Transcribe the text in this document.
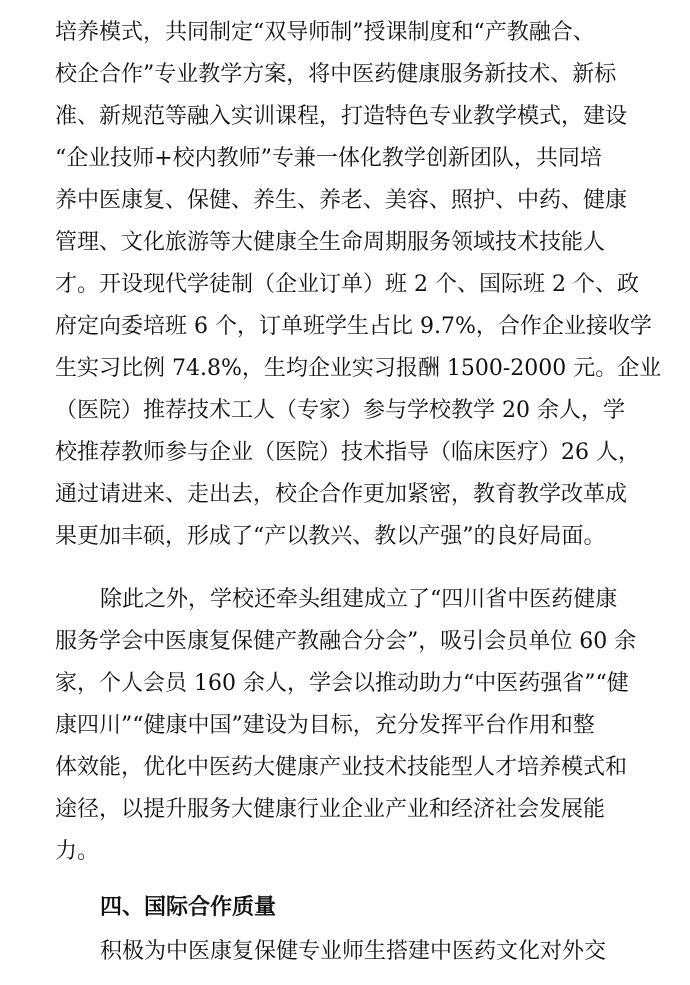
培养模式，共同制定“双导师制”授课制度和“产教融合、
校企合作”专业教学方案，将中医药健康服务新技术、新标
准、新规范等融入实训课程，打造特色专业教学模式，建设
“企业技师+校内教师”专兼一体化教学创新团队，共同培
养中医康复、保健、养生、养老、美容、照护、中药、健康
管理、文化旅游等大健康全生命周期服务领域技术技能人
才。开设现代学徒制（企业订单）班 2 个、国际班 2 个、政
府定向委培班 6 个，订单班学生占比 9.7%，合作企业接收学
生实习比例 74.8%，生均企业实习报酬 1500-2000 元。企业
（医院）推荐技术工人（专家）参与学校教学 20 余人，学
校推荐教师参与企业（医院）技术指导（临床医疗）26 人，
通过请进来、走出去，校企合作更加紧密，教育教学改革成
果更加丰硕，形成了“产以教兴、教以产强”的良好局面。
除此之外，学校还牵头组建成立了“四川省中医药健康
服务学会中医康复保健产教融合分会”，吸引会员单位 60 余
家，个人会员 160 余人，学会以推动助力“中医药强省”“健
康四川”“健康中国”建设为目标，充分发挥平台作用和整
体效能，优化中医药大健康产业技术技能型人才培养模式和
途径，以提升服务大健康行业企业产业和经济社会发展能
力。
四、国际合作质量
积极为中医康复保健专业师生搭建中医药文化对外交
